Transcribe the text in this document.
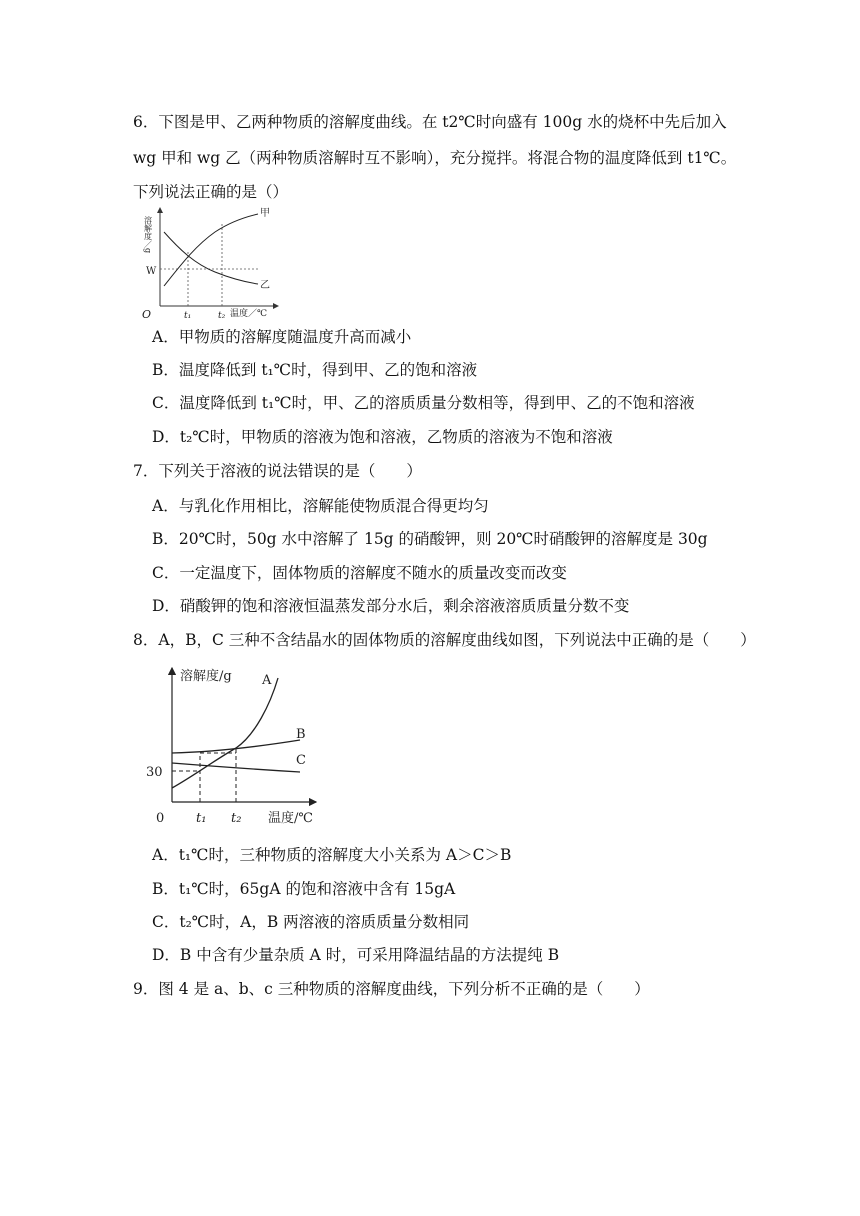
6．下图是甲、乙两种物质的溶解度曲线。在 t2℃时向盛有 100g 水的烧杯中先后加入
wg 甲和 wg 乙（两种物质溶解时互不影响），充分搅拌。将混合物的温度降低到 t1℃。
下列说法正确的是（）
溶解度／g
温度／℃
O
W
t₁	t₂
甲
乙
A．甲物质的溶解度随温度升高而减小
B．温度降低到 t₁℃时，得到甲、乙的饱和溶液
C．温度降低到 t₁℃时，甲、乙的溶质质量分数相等，得到甲、乙的不饱和溶液
D．t₂℃时，甲物质的溶液为饱和溶液，乙物质的溶液为不饱和溶液
7．下列关于溶液的说法错误的是（　　）
A．与乳化作用相比，溶解能使物质混合得更均匀
B．20℃时，50g 水中溶解了 15g 的硝酸钾，则 20℃时硝酸钾的溶解度是 30g
C．一定温度下，固体物质的溶解度不随水的质量改变而改变
D．硝酸钾的饱和溶液恒温蒸发部分水后，剩余溶液溶质质量分数不变
8．A，B，C 三种不含结晶水的固体物质的溶解度曲线如图，下列说法中正确的是（　　）
溶解度/g
温度/℃
0
30
t₁ t₂
A
B
C
A．t₁℃时，三种物质的溶解度大小关系为 A＞C＞B
B．t₁℃时，65gA 的饱和溶液中含有 15gA
C．t₂℃时，A，B 两溶液的溶质质量分数相同
D．B 中含有少量杂质 A 时，可采用降温结晶的方法提纯 B
9．图 4 是 a、b、c 三种物质的溶解度曲线，下列分析不正确的是（　　）
